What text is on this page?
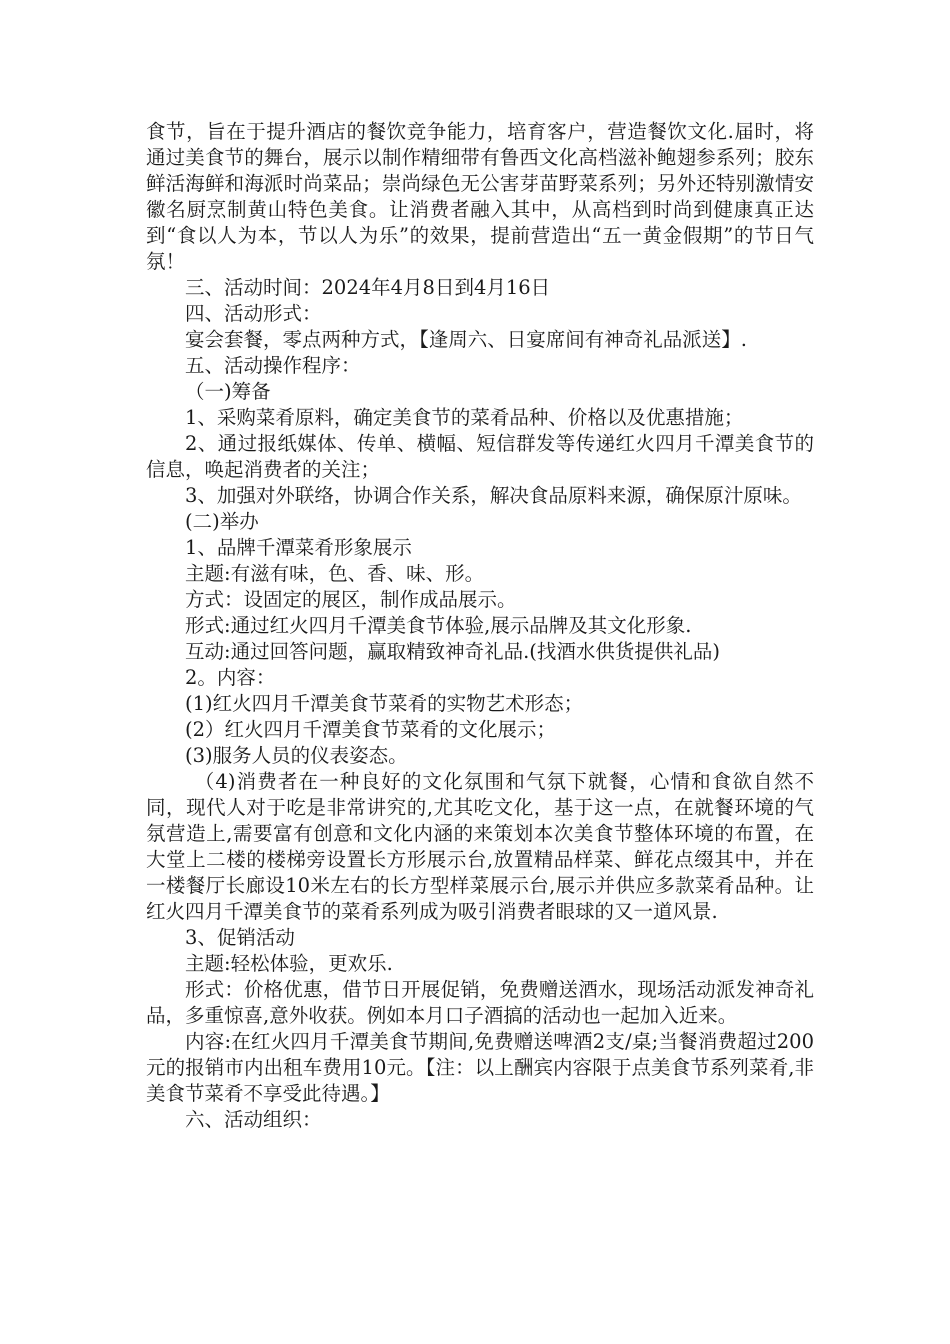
食节，旨在于提升酒店的餐饮竞争能力，培育客户，营造餐饮文化.届时，将通过美食节的舞台，展示以制作精细带有鲁西文化高档滋补鲍翅参系列；胶东鲜活海鲜和海派时尚菜品；崇尚绿色无公害芽苗野菜系列；另外还特别激情安徽名厨烹制黄山特色美食。让消费者融入其中，从高档到时尚到健康真正达到“食以人为本，节以人为乐”的效果，提前营造出“五一黄金假期”的节日气氛！

三、活动时间：2024年4月8日到4月16日

四、活动形式：

宴会套餐，零点两种方式，【逢周六、日宴席间有神奇礼品派送】.

五、活动操作程序：

（一)筹备

1、采购菜肴原料，确定美食节的菜肴品种、价格以及优惠措施；

2、通过报纸媒体、传单、横幅、短信群发等传递红火四月千潭美食节的信息，唤起消费者的关注；

3、加强对外联络，协调合作关系，解决食品原料来源，确保原汁原味。

(二)举办

1、品牌千潭菜肴形象展示

主题:有滋有味，色、香、味、形。

方式：设固定的展区，制作成品展示。

形式:通过红火四月千潭美食节体验,展示品牌及其文化形象.

互动:通过回答问题，赢取精致神奇礼品.(找酒水供货提供礼品)

2。内容：

(1)红火四月千潭美食节菜肴的实物艺术形态；

(2）红火四月千潭美食节菜肴的文化展示；

(3)服务人员的仪表姿态。

（4)消费者在一种良好的文化氛围和气氛下就餐，心情和食欲自然不同，现代人对于吃是非常讲究的,尤其吃文化，基于这一点，在就餐环境的气氛营造上,需要富有创意和文化内涵的来策划本次美食节整体环境的布置，在大堂上二楼的楼梯旁设置长方形展示台,放置精品样菜、鲜花点缀其中，并在一楼餐厅长廊设10米左右的长方型样菜展示台,展示并供应多款菜肴品种。让红火四月千潭美食节的菜肴系列成为吸引消费者眼球的又一道风景.

3、促销活动

主题:轻松体验，更欢乐.

形式：价格优惠，借节日开展促销，免费赠送酒水，现场活动派发神奇礼品，多重惊喜,意外收获。例如本月口子酒搞的活动也一起加入近来。

内容:在红火四月千潭美食节期间,免费赠送啤酒2支/桌;当餐消费超过200元的报销市内出租车费用10元。【注：以上酬宾内容限于点美食节系列菜肴,非美食节菜肴不享受此待遇。】

六、活动组织：
